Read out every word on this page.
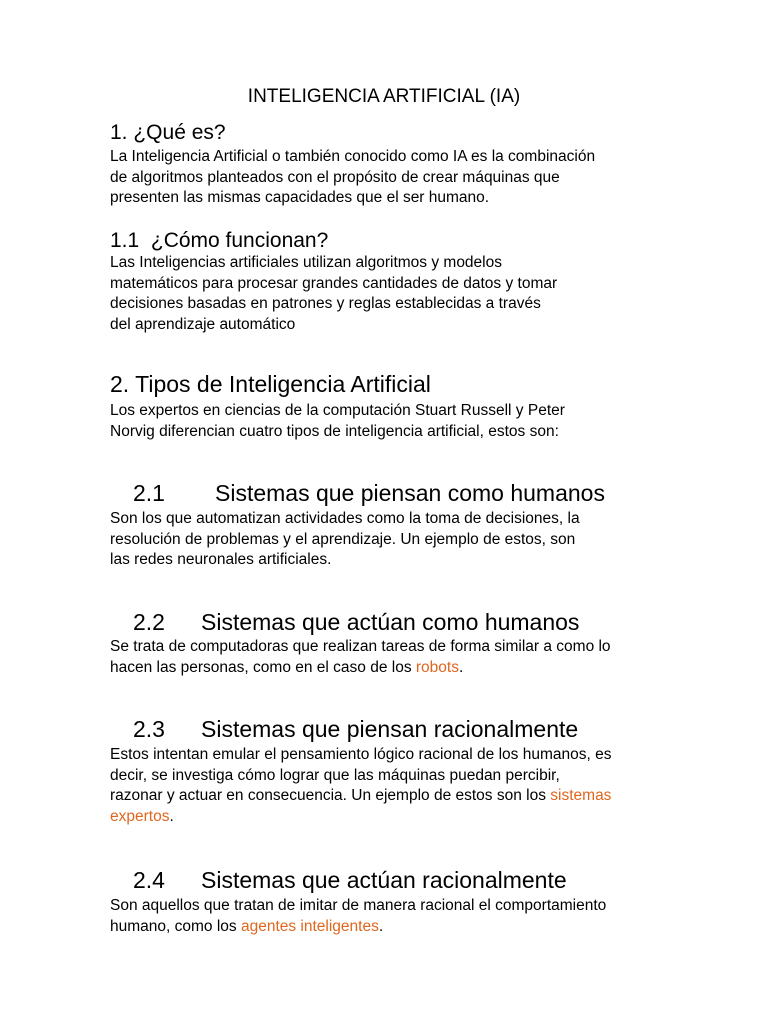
INTELIGENCIA ARTIFICIAL (IA)
1. ¿Qué es?
La Inteligencia Artificial o también conocido como IA es la combinación
de algoritmos planteados con el propósito de crear máquinas que
presenten las mismas capacidades que el ser humano.
1.1  ¿Cómo funcionan?
Las Inteligencias artificiales utilizan algoritmos y modelos
matemáticos para procesar grandes cantidades de datos y tomar
decisiones basadas en patrones y reglas establecidas a través
del aprendizaje automático
2. Tipos de Inteligencia Artificial
Los expertos en ciencias de la computación Stuart Russell y Peter
Norvig diferencian cuatro tipos de inteligencia artificial, estos son:
2.1 Sistemas que piensan como humanos
Son los que automatizan actividades como la toma de decisiones, la
resolución de problemas y el aprendizaje. Un ejemplo de estos, son
las redes neuronales artificiales.
2.2 Sistemas que actúan como humanos
Se trata de computadoras que realizan tareas de forma similar a como lo
hacen las personas, como en el caso de los robots.
2.3 Sistemas que piensan racionalmente
Estos intentan emular el pensamiento lógico racional de los humanos, es
decir, se investiga cómo lograr que las máquinas puedan percibir,
razonar y actuar en consecuencia. Un ejemplo de estos son los sistemas
expertos.
2.4 Sistemas que actúan racionalmente
Son aquellos que tratan de imitar de manera racional el comportamiento
humano, como los agentes inteligentes.
